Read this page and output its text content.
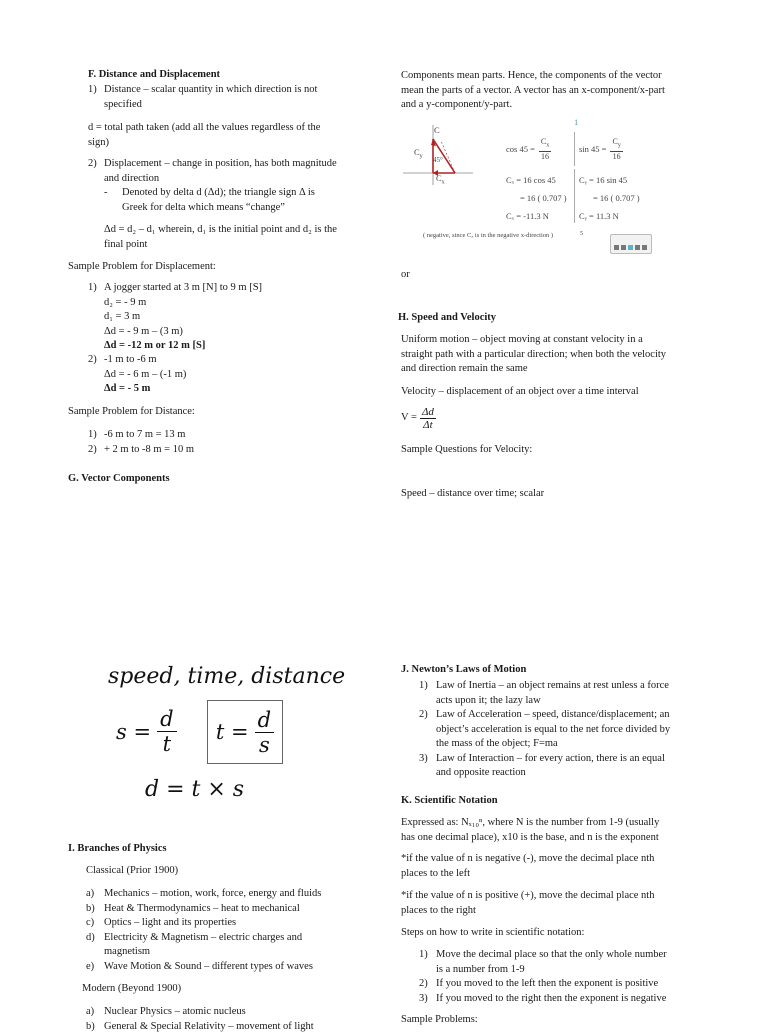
F. Distance and Displacement
1) Distance – scalar quantity in which direction is not
specified
d = total path taken (add all the values regardless of the
sign)
2) Displacement – change in position, has both magnitude
and direction
- Denoted by delta d (Δd); the triangle sign Δ is
Greek for delta which means “change”
Δd = d₂ – d₁ wherein, d₁ is the initial point and d₂ is the
final point
Sample Problem for Displacement:
1) A jogger started at 3 m [N] to 9 m [S]
d₂ = - 9 m
d₁ = 3 m
Δd = - 9 m – (3 m)
Δd = -12 m or 12 m [S]
2) -1 m to -6 m
Δd = - 6 m – (-1 m)
Δd = - 5 m
Sample Problem for Distance:
1) -6 m to 7 m = 13 m
2) + 2 m to -8 m = 10 m
G. Vector Components
speed, time, distance
$s = \frac{d}{t}$ $t = \frac{d}{s}$
d = t × s
I. Branches of Physics
Classical (Prior 1900)
a) Mechanics – motion, work, force, energy and fluids
b) Heat & Thermodynamics – heat to mechanical
c) Optics – light and its properties
d) Electricity & Magnetism – electric charges and
magnetism
e) Wave Motion & Sound – different types of waves
Modern (Beyond 1900)
a) Nuclear Physics – atomic nucleus
b) General & Special Relativity – movement of light
Components mean parts. Hence, the components of the vector
mean the parts of a vector. A vector has an x-component/x-part
and a y-component/y-part.
C
$C_y$ 45°
$C_x$
1
$\cos 45 = \frac{C_x}{16}$	$\sin 45 = \frac{C_y}{16}$
Cₓ = 16 cos 45
= 16 ( 0.707 )
Cₓ = -11.3 N
Cᵧ = 16 sin 45
= 16 ( 0.707 )
Cᵧ = 11.3 N
( negative, since Cₓ is in the negative x-direction )	5
or
H. Speed and Velocity
Uniform motion – object moving at constant velocity in a
straight path with a particular direction; when both the velocity
and direction remain the same
Velocity – displacement of an object over a time interval
$V = \frac{\Delta d}{\Delta t}$
Sample Questions for Velocity:
Speed – distance over time; scalar
J. Newton’s Laws of Motion
1) Law of Inertia – an object remains at rest unless a force
acts upon it; the lazy law
2) Law of Acceleration – speed, distance/displacement; an
object’s acceleration is equal to the net force divided by
the mass of the object; F=ma
3) Law of Interaction – for every action, there is an equal
and opposite reaction
K. Scientific Notation
Expressed as: Nₓ₁₀ⁿ, where N is the number from 1-9 (usually
has one decimal place), x10 is the base, and n is the exponent
*if the value of n is negative (-), move the decimal place nth
places to the left
*if the value of n is positive (+), move the decimal place nth
places to the right
Steps on how to write in scientific notation:
1) Move the decimal place so that the only whole number
is a number from 1-9
2) If you moved to the left then the exponent is positive
3) If you moved to the right then the exponent is negative
Sample Problems:
